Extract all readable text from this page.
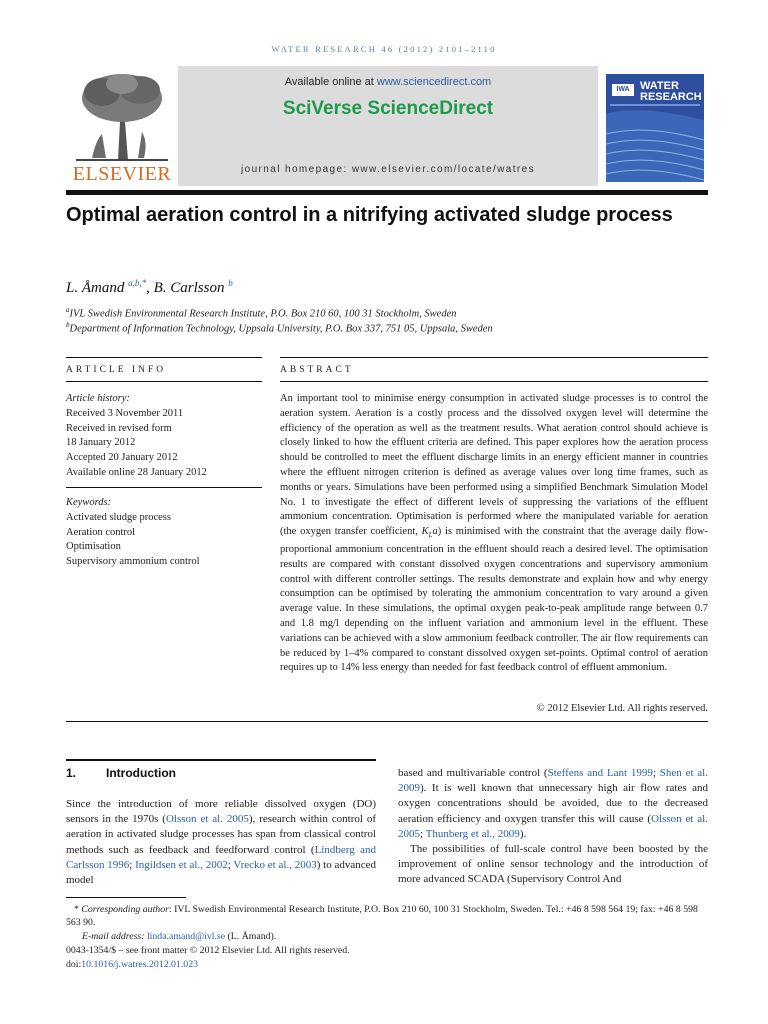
WATER RESEARCH 46 (2012) 2101–2110
ELSEVIER
Available online at www.sciencedirect.com
SciVerse ScienceDirect
journal homepage: www.elsevier.com/locate/watres
IWA WATER
RESEARCH
Optimal aeration control in a nitrifying activated sludge process
L. Åmand $^{a,b,*}$, B. Carlsson $^b$
$^a$IVL Swedish Environmental Research Institute, P.O. Box 210 60, 100 31 Stockholm, Sweden
$^b$Department of Information Technology, Uppsala University, P.O. Box 337, 751 05, Uppsala, Sweden
ARTICLE INFO	ABSTRACT
Article history:
Received 3 November 2011
Received in revised form
18 January 2012
Accepted 20 January 2012
Available online 28 January 2012
Keywords:
Activated sludge process
Aeration control
Optimisation
Supervisory ammonium control
An important tool to minimise energy consumption in activated sludge processes is to control the aeration system. Aeration is a costly process and the dissolved oxygen level will determine the efficiency of the operation as well as the treatment results. What aeration control should achieve is closely linked to how the effluent criteria are defined. This paper explores how the aeration process should be controlled to meet the effluent discharge limits in an energy efficient manner in countries where the effluent nitrogen criterion is defined as average values over long time frames, such as months or years. Simulations have been performed using a simplified Benchmark Simulation Model No. 1 to investigate the effect of different levels of suppressing the variations of the effluent ammonium concentration. Optimisation is performed where the manipulated variable for aeration (the oxygen transfer coefficient, $K_La$) is minimised with the constraint that the average daily flow-proportional ammonium concentration in the effluent should reach a desired level. The optimisation results are compared with constant dissolved oxygen concentrations and supervisory ammonium control with different controller settings. The results demonstrate and explain how and why energy consumption can be optimised by tolerating the ammonium concentration to vary around a given average value. In these simulations, the optimal oxygen peak-to-peak amplitude range between 0.7 and 1.8 mg/l depending on the influent variation and ammonium level in the effluent. These variations can be achieved with a slow ammonium feedback controller. The air flow requirements can be reduced by 1–4% compared to constant dissolved oxygen set-points. Optimal control of aeration requires up to 14% less energy than needed for fast feedback control of effluent ammonium.
© 2012 Elsevier Ltd. All rights reserved.
1. Introduction
Since the introduction of more reliable dissolved oxygen (DO) sensors in the 1970s (Olsson et al. 2005), research within control of aeration in activated sludge processes has span from classical control methods such as feedback and feedforward control (Lindberg and Carlsson 1996; Ingildsen et al., 2002; Vrecko et al., 2003) to advanced model
based and multivariable control (Steffens and Lant 1999; Shen et al. 2009). It is well known that unnecessary high air flow rates and oxygen concentrations should be avoided, due to the decreased aeration efficiency and oxygen transfer this will cause (Olsson et al. 2005; Thunberg et al., 2009).
The possibilities of full-scale control have been boosted by the improvement of online sensor technology and the introduction of more advanced SCADA (Supervisory Control And
* Corresponding author: IVL Swedish Environmental Research Institute, P.O. Box 210 60, 100 31 Stockholm, Sweden. Tel.: +46 8 598 564 19; fax: +46 8 598 563 90.
E-mail address: linda.amand@ivl.se (L. Åmand).
0043-1354/$ – see front matter © 2012 Elsevier Ltd. All rights reserved.
doi:10.1016/j.watres.2012.01.023
